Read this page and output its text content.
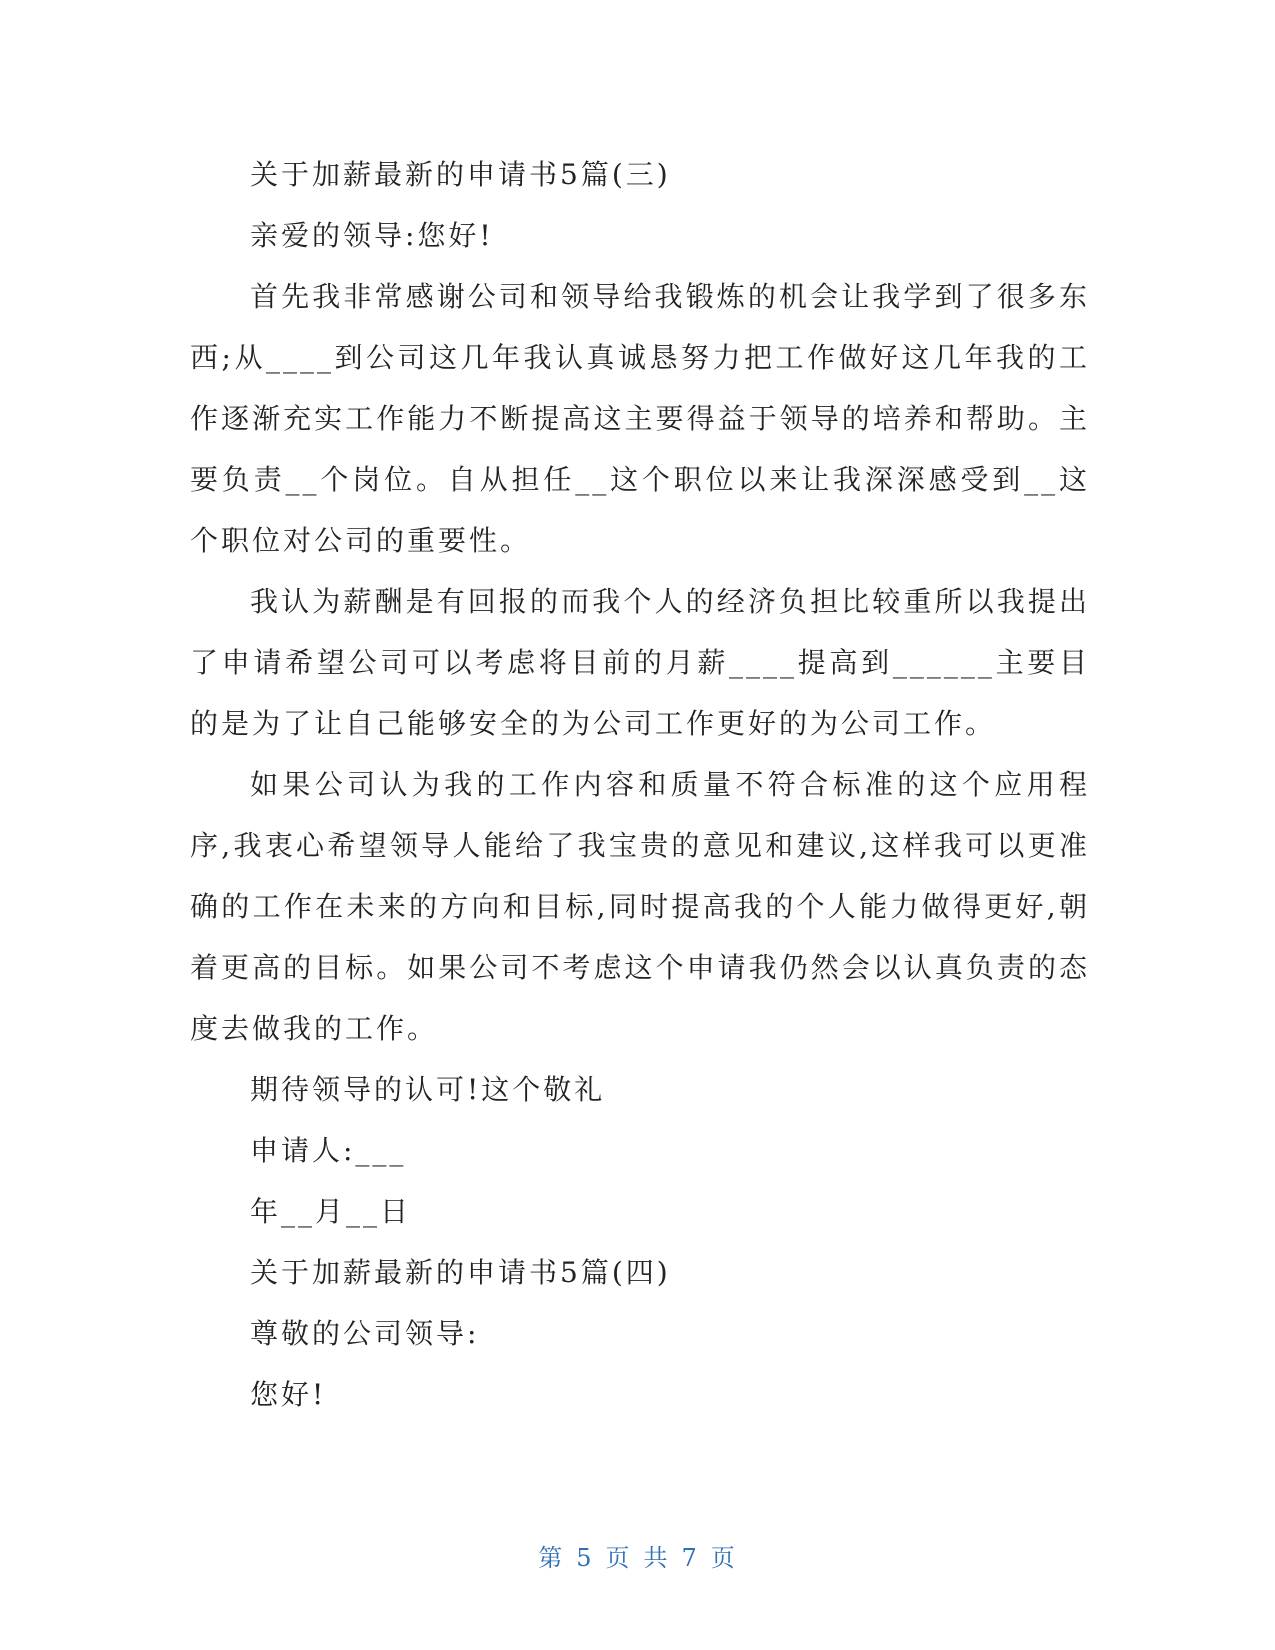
关于加薪最新的申请书5篇(三)
亲爱的领导:您好!

首先我非常感谢公司和领导给我锻炼的机会让我学到了很多东西;从____到公司这几年我认真诚恳努力把工作做好这几年我的工作逐渐充实工作能力不断提高这主要得益于领导的培养和帮助。主要负责__个岗位。自从担任__这个职位以来让我深深感受到__这个职位对公司的重要性。

我认为薪酬是有回报的而我个人的经济负担比较重所以我提出了申请希望公司可以考虑将目前的月薪____提高到______主要目的是为了让自己能够安全的为公司工作更好的为公司工作。

如果公司认为我的工作内容和质量不符合标准的这个应用程序,我衷心希望领导人能给了我宝贵的意见和建议,这样我可以更准确的工作在未来的方向和目标,同时提高我的个人能力做得更好,朝着更高的目标。如果公司不考虑这个申请我仍然会以认真负责的态度去做我的工作。

期待领导的认可!这个敬礼
申请人:___
年__月__日
关于加薪最新的申请书5篇(四)
尊敬的公司领导:
您好!
第 5 页 共 7 页
